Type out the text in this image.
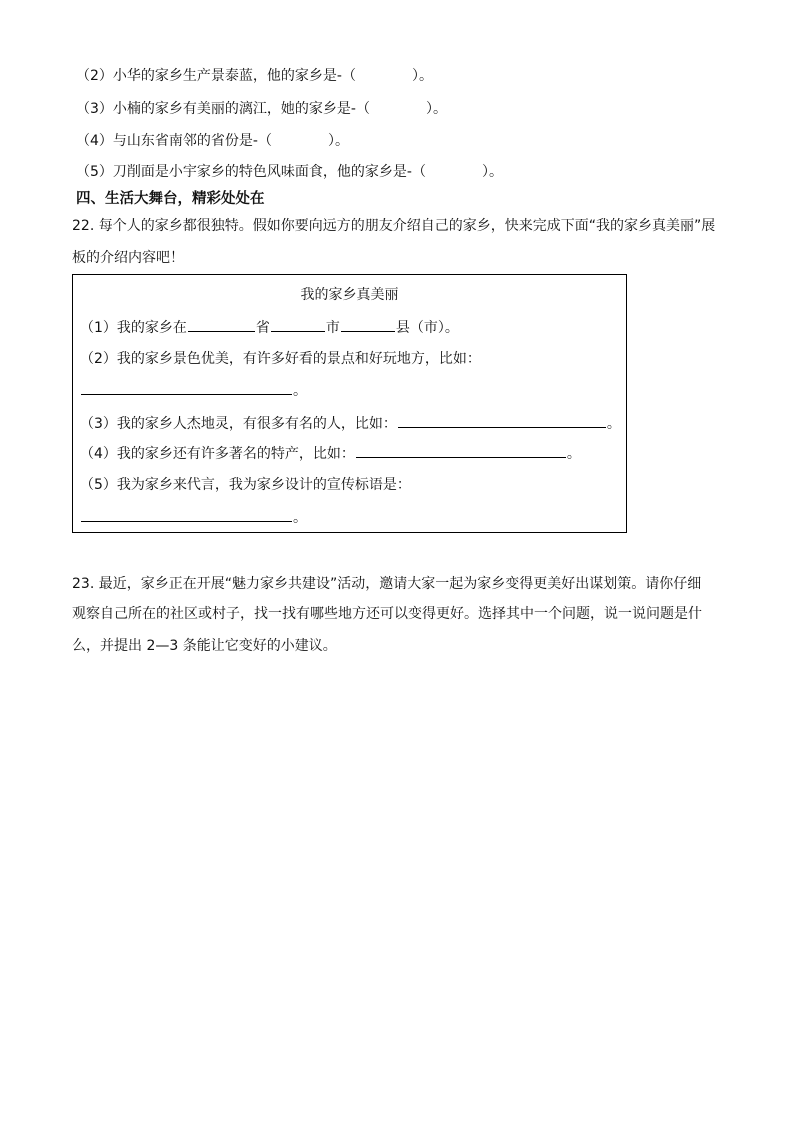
（2）小华的家乡生产景泰蓝，他的家乡是-（　　　　）。
（3）小楠的家乡有美丽的漓江，她的家乡是-（　　　　）。
（4）与山东省南邻的省份是-（　　　　）。
（5）刀削面是小宇家乡的特色风味面食，他的家乡是-（　　　　）。
四、生活大舞台，精彩处处在
22. 每个人的家乡都很独特。假如你要向远方的朋友介绍自己的家乡，快来完成下面“我的家乡真美丽”展
板的介绍内容吧！
我的家乡真美丽
（1）我的家乡在	省	市	县（市）。
（2）我的家乡景色优美，有许多好看的景点和好玩地方，比如：
。
（3）我的家乡人杰地灵，有很多有名的人，比如：	。
（4）我的家乡还有许多著名的特产，比如：	。
（5）我为家乡来代言，我为家乡设计的宣传标语是：
。
23. 最近，家乡正在开展“魅力家乡共建设”活动，邀请大家一起为家乡变得更美好出谋划策。请你仔细
观察自己所在的社区或村子，找一找有哪些地方还可以变得更好。选择其中一个问题，说一说问题是什
么，并提出 2—3 条能让它变好的小建议。
